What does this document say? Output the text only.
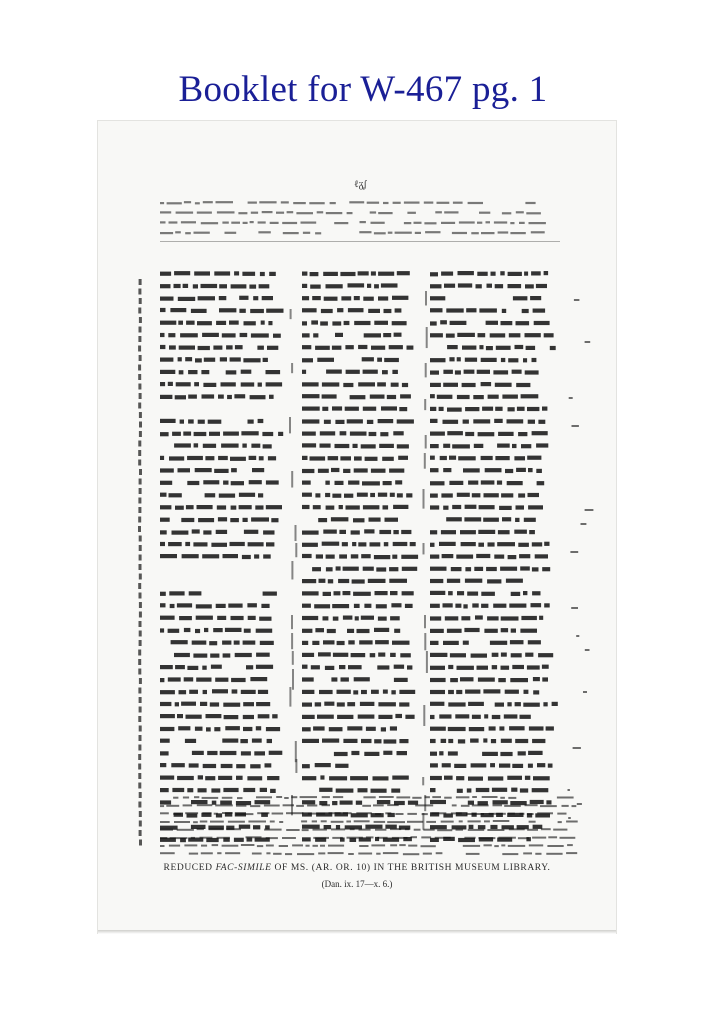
Booklet for W-467 pg. 1
ℓᵹ᷊ʃ
REDUCED FAC-SIMILE OF MS. (AR. OR. 10) IN THE BRITISH MUSEUM LIBRARY.
(Dan. ix. 17—x. 6.)
